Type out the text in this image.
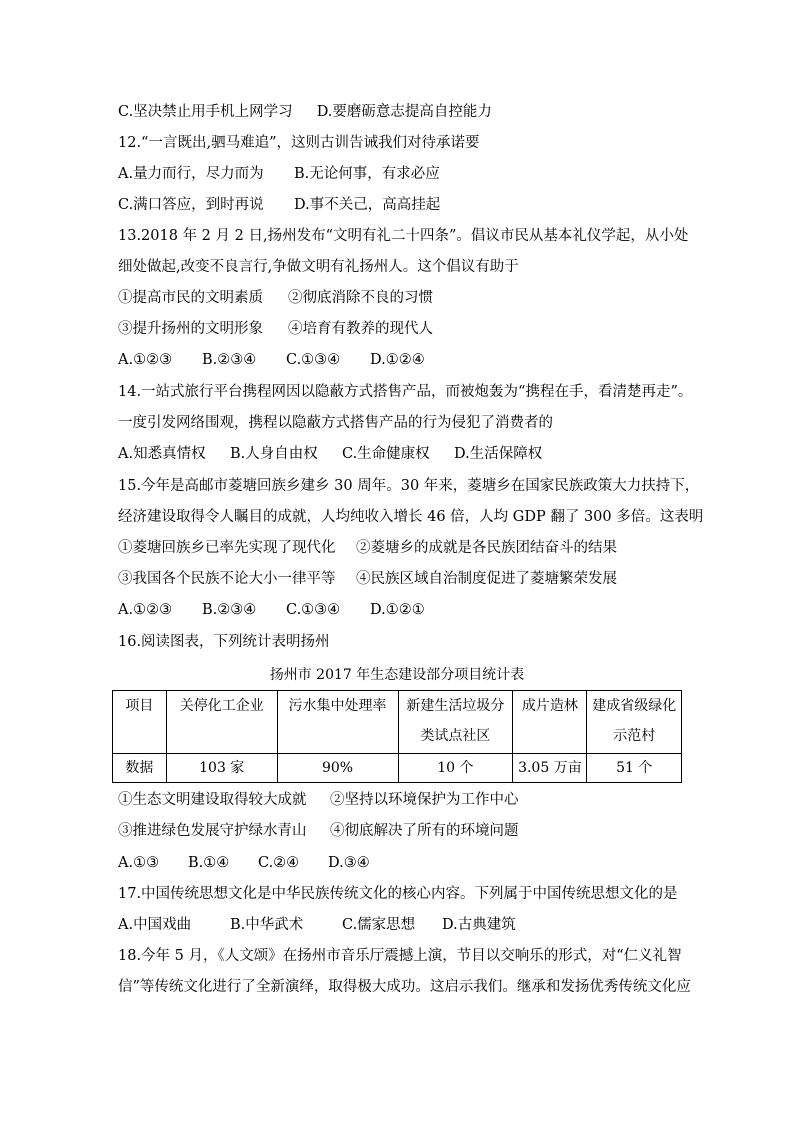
C.坚决禁止用手机上网学习 D.要磨砺意志提高自控能力
12.“一言既出,驷马难追”，这则古训告诫我们对待承诺要
A.量力而行，尽力而为 B.无论何事，有求必应
C.满口答应，到时再说 D.事不关己，高高挂起
13.2018 年 2 月 2 日,扬州发布“文明有礼二十四条”。倡议市民从基本礼仪学起，从小处
细处做起,改变不良言行,争做文明有礼扬州人。这个倡议有助于
①提高市民的文明素质 ②彻底消除不良的习惯
③提升扬州的文明形象 ④培育有教养的现代人
A.①②③ B.②③④ C.①③④ D.①②④
14.一站式旅行平台携程网因以隐蔽方式搭售产品，而被炮轰为“携程在手，看清楚再走”。
一度引发网络围观，携程以隐蔽方式搭售产品的行为侵犯了消费者的
A.知悉真情权 B.人身自由权 C.生命健康权 D.生活保障权
15.今年是高邮市菱塘回族乡建乡 30 周年。30 年来，菱塘乡在国家民族政策大力扶持下，
经济建设取得令人瞩目的成就，人均纯收入增长 46 倍，人均 GDP 翻了 300 多倍。这表明
①菱塘回族乡已率先实现了现代化 ②菱塘乡的成就是各民族团结奋斗的结果
③我国各个民族不论大小一律平等 ④民族区域自治制度促进了菱塘繁荣发展
A.①②③ B.②③④ C.①③④ D.①②①
16.阅读图表，下列统计表明扬州
扬州市 2017 年生态建设部分项目统计表
项目	关停化工企业	污水集中处理率	新建生活垃圾分类试点社区	成片造林	建成省级绿化示范村
数据	103 家	90%	10 个	3.05 万亩	51 个
①生态文明建设取得较大成就 ②坚持以环境保护为工作中心
③推进绿色发展守护绿水青山 ④彻底解决了所有的环境问题
A.①③ B.①④ C.②④ D.③④
17.中国传统思想文化是中华民族传统文化的核心内容。下列属于中国传统思想文化的是
A.中国戏曲	B.中华武术	C.儒家思想 D.古典建筑
18.今年 5 月，《人文颂》在扬州市音乐厅震撼上演，节目以交响乐的形式，对“仁义礼智
信”等传统文化进行了全新演绎，取得极大成功。这启示我们。继承和发扬优秀传统文化应
